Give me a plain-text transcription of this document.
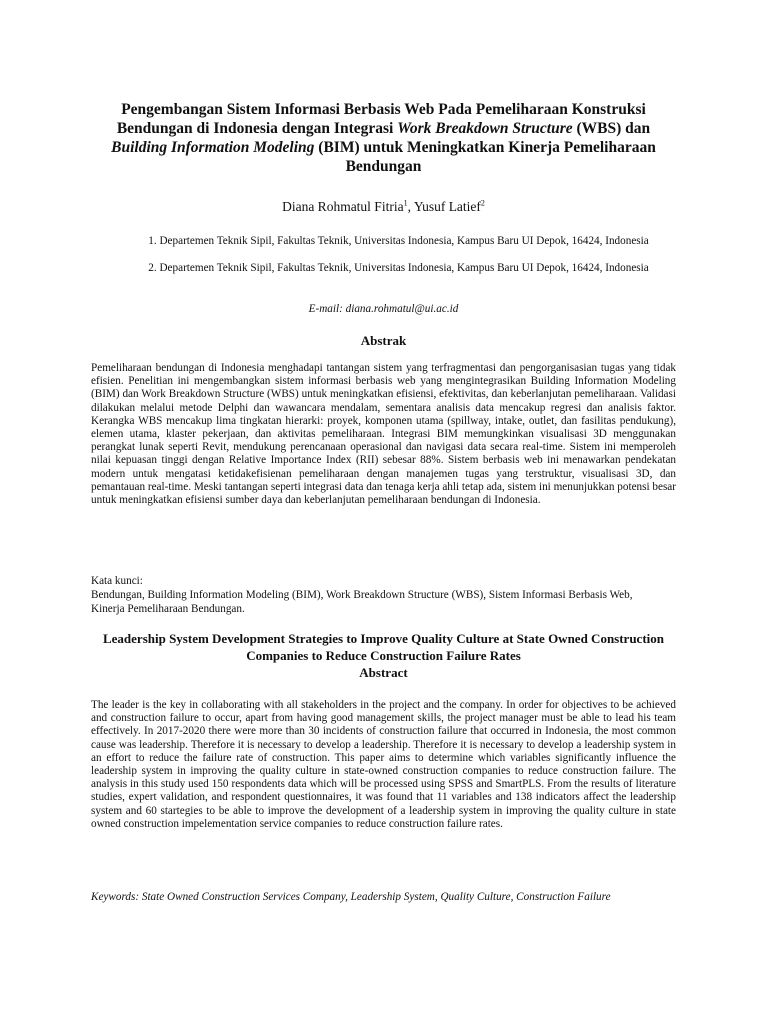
Pengembangan Sistem Informasi Berbasis Web Pada Pemeliharaan Konstruksi Bendungan di Indonesia dengan Integrasi Work Breakdown Structure (WBS) dan Building Information Modeling (BIM) untuk Meningkatkan Kinerja Pemeliharaan Bendungan
Diana Rohmatul Fitria$^1$, Yusuf Latief$^2$
1. Departemen Teknik Sipil, Fakultas Teknik, Universitas Indonesia, Kampus Baru UI Depok, 16424, Indonesia
2. Departemen Teknik Sipil, Fakultas Teknik, Universitas Indonesia, Kampus Baru UI Depok, 16424, Indonesia
E-mail: diana.rohmatul@ui.ac.id
Abstrak
Pemeliharaan bendungan di Indonesia menghadapi tantangan sistem yang terfragmentasi dan pengorganisasian tugas yang tidak efisien. Penelitian ini mengembangkan sistem informasi berbasis web yang mengintegrasikan Building Information Modeling (BIM) dan Work Breakdown Structure (WBS) untuk meningkatkan efisiensi, efektivitas, dan keberlanjutan pemeliharaan. Validasi dilakukan melalui metode Delphi dan wawancara mendalam, sementara analisis data mencakup regresi dan analisis faktor. Kerangka WBS mencakup lima tingkatan hierarki: proyek, komponen utama (spillway, intake, outlet, dan fasilitas pendukung), elemen utama, klaster pekerjaan, dan aktivitas pemeliharaan. Integrasi BIM memungkinkan visualisasi 3D menggunakan perangkat lunak seperti Revit, mendukung perencanaan operasional dan navigasi data secara real-time. Sistem ini memperoleh nilai kepuasan tinggi dengan Relative Importance Index (RII) sebesar 88%. Sistem berbasis web ini menawarkan pendekatan modern untuk mengatasi ketidakefisienan pemeliharaan dengan manajemen tugas yang terstruktur, visualisasi 3D, dan pemantauan real-time. Meski tantangan seperti integrasi data dan tenaga kerja ahli tetap ada, sistem ini menunjukkan potensi besar untuk meningkatkan efisiensi sumber daya dan keberlanjutan pemeliharaan bendungan di Indonesia.
Kata kunci:
Bendungan, Building Information Modeling (BIM), Work Breakdown Structure (WBS), Sistem Informasi Berbasis Web, Kinerja Pemeliharaan Bendungan.
Leadership System Development Strategies to Improve Quality Culture at State Owned Construction Companies to Reduce Construction Failure Rates
Abstract
The leader is the key in collaborating with all stakeholders in the project and the company. In order for objectives to be achieved and construction failure to occur, apart from having good management skills, the project manager must be able to lead his team effectively. In 2017-2020 there were more than 30 incidents of construction failure that occurred in Indonesia, the most common cause was leadership. Therefore it is necessary to develop a leadership. Therefore it is necessary to develop a leadership system in an effort to reduce the failure rate of construction. This paper aims to determine which variables significantly influence the leadership system in improving the quality culture in state-owned construction companies to reduce construction failure. The analysis in this study used 150 respondents data which will be processed using SPSS and SmartPLS. From the results of literature studies, expert validation, and respondent questionnaires, it was found that 11 variables and 138 indicators affect the leadership system and 60 startegies to be able to improve the development of a leadership system in improving the quality culture in state owned construction impelementation service companies to reduce construction failure rates.
Keywords: State Owned Construction Services Company, Leadership System, Quality Culture, Construction Failure
